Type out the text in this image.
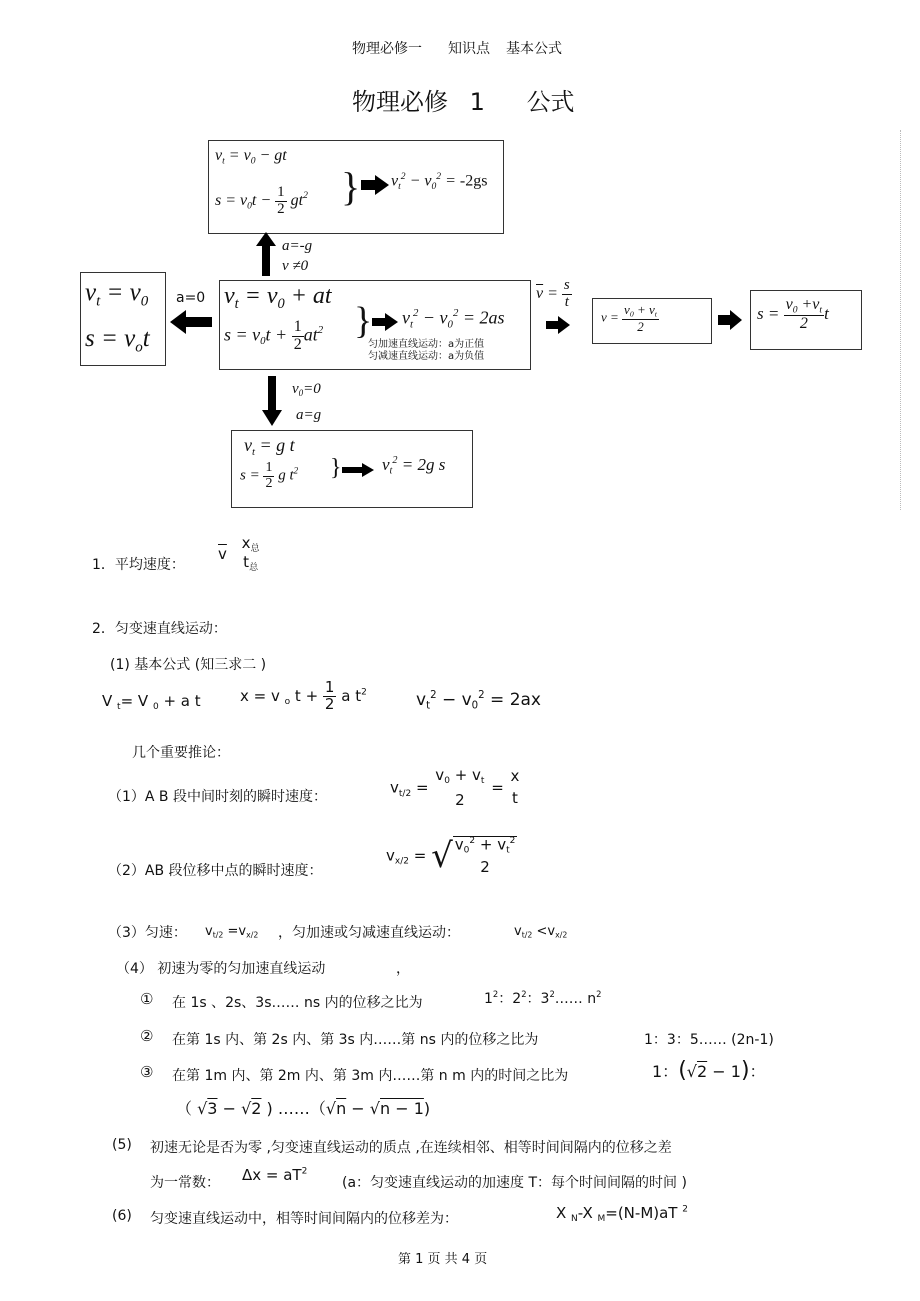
物理必修一 知识点 基本公式
物理必修 1 公式
$v_t = v_0$ − gt
$s = v_0t - \frac{1}{2} gt^2$ } $v_t^2 - v_0^2 = -2gs$
a=-g
v ≠0
$v_t = v_0$
$s = v_ot$
a=0 $v_t = v_0$ + at
$s = v_0t + \frac{1}{2} at^2$ } $v_t^2 - v_0^2 = 2as$
匀加速直线运动：a为正值
匀减速直线运动：a为负值
$\overline{v} = \frac{s}{t}$
$v = \frac{v_0 + v_t}{2}$	$s = \frac{v_0 +v_t}{2}$ t
$v_0=0$
a=g
$v_t = g$ t
$s = \frac{1}{2}$ g $t^2$ } $v_t^2 = 2g$ s
1．平均速度：
$\overline{v}$
$x_总$
$t_总$
2．匀变速直线运动：
(1) 基本公式 (知三求二 )
V $_t$= V $_0$ + a t	x = v $_o$ $t + \frac{1}{2}$ a $t^2$	$v_t^2 - v_0^2 = 2ax$
几个重要推论：
（1）A B 段中间时刻的瞬时速度：
$v_{t/2}$ =
$v_0 + v_t$
2
=
x
t
（2）AB 段位移中点的瞬时速度：
$v_{x/2}$ = √ $v_0^2 + v_t^2$
2
（3）匀速： $v_{t/2} =v_{x/2}$ ，匀加速或匀减速直线运动：	$v_{t/2} <v_{x/2}$
（4） 初速为零的匀加速直线运动	，
① 在 1s 、2s、3s…… ns 内的位移之比为	$1^2$：$2^2$：$3^2\dots\dots$ $n^2$
② 在第 1s 内、第 2s 内、第 3s 内……第 ns 内的位移之比为	1：3：5…… (2n-1)
③ 在第 1m 内、第 2m 内、第 3m 内……第 n m 内的时间之比为	1：(√2 − 1)：
（ √3 − √2 ) ……（√n − √n − 1)
(5) 初速无论是否为零 ,匀变速直线运动的质点 ,在连续相邻、相等时间间隔内的位移之差
为一常数： $\Delta x = aT^2$
(a：匀变速直线运动的加速度 T：每个时间间隔的时间 )
(6) 匀变速直线运动中，相等时间间隔内的位移差为：	X $_N$-X $_M$=(N-M)aT $^2$
第 1 页 共 4 页
